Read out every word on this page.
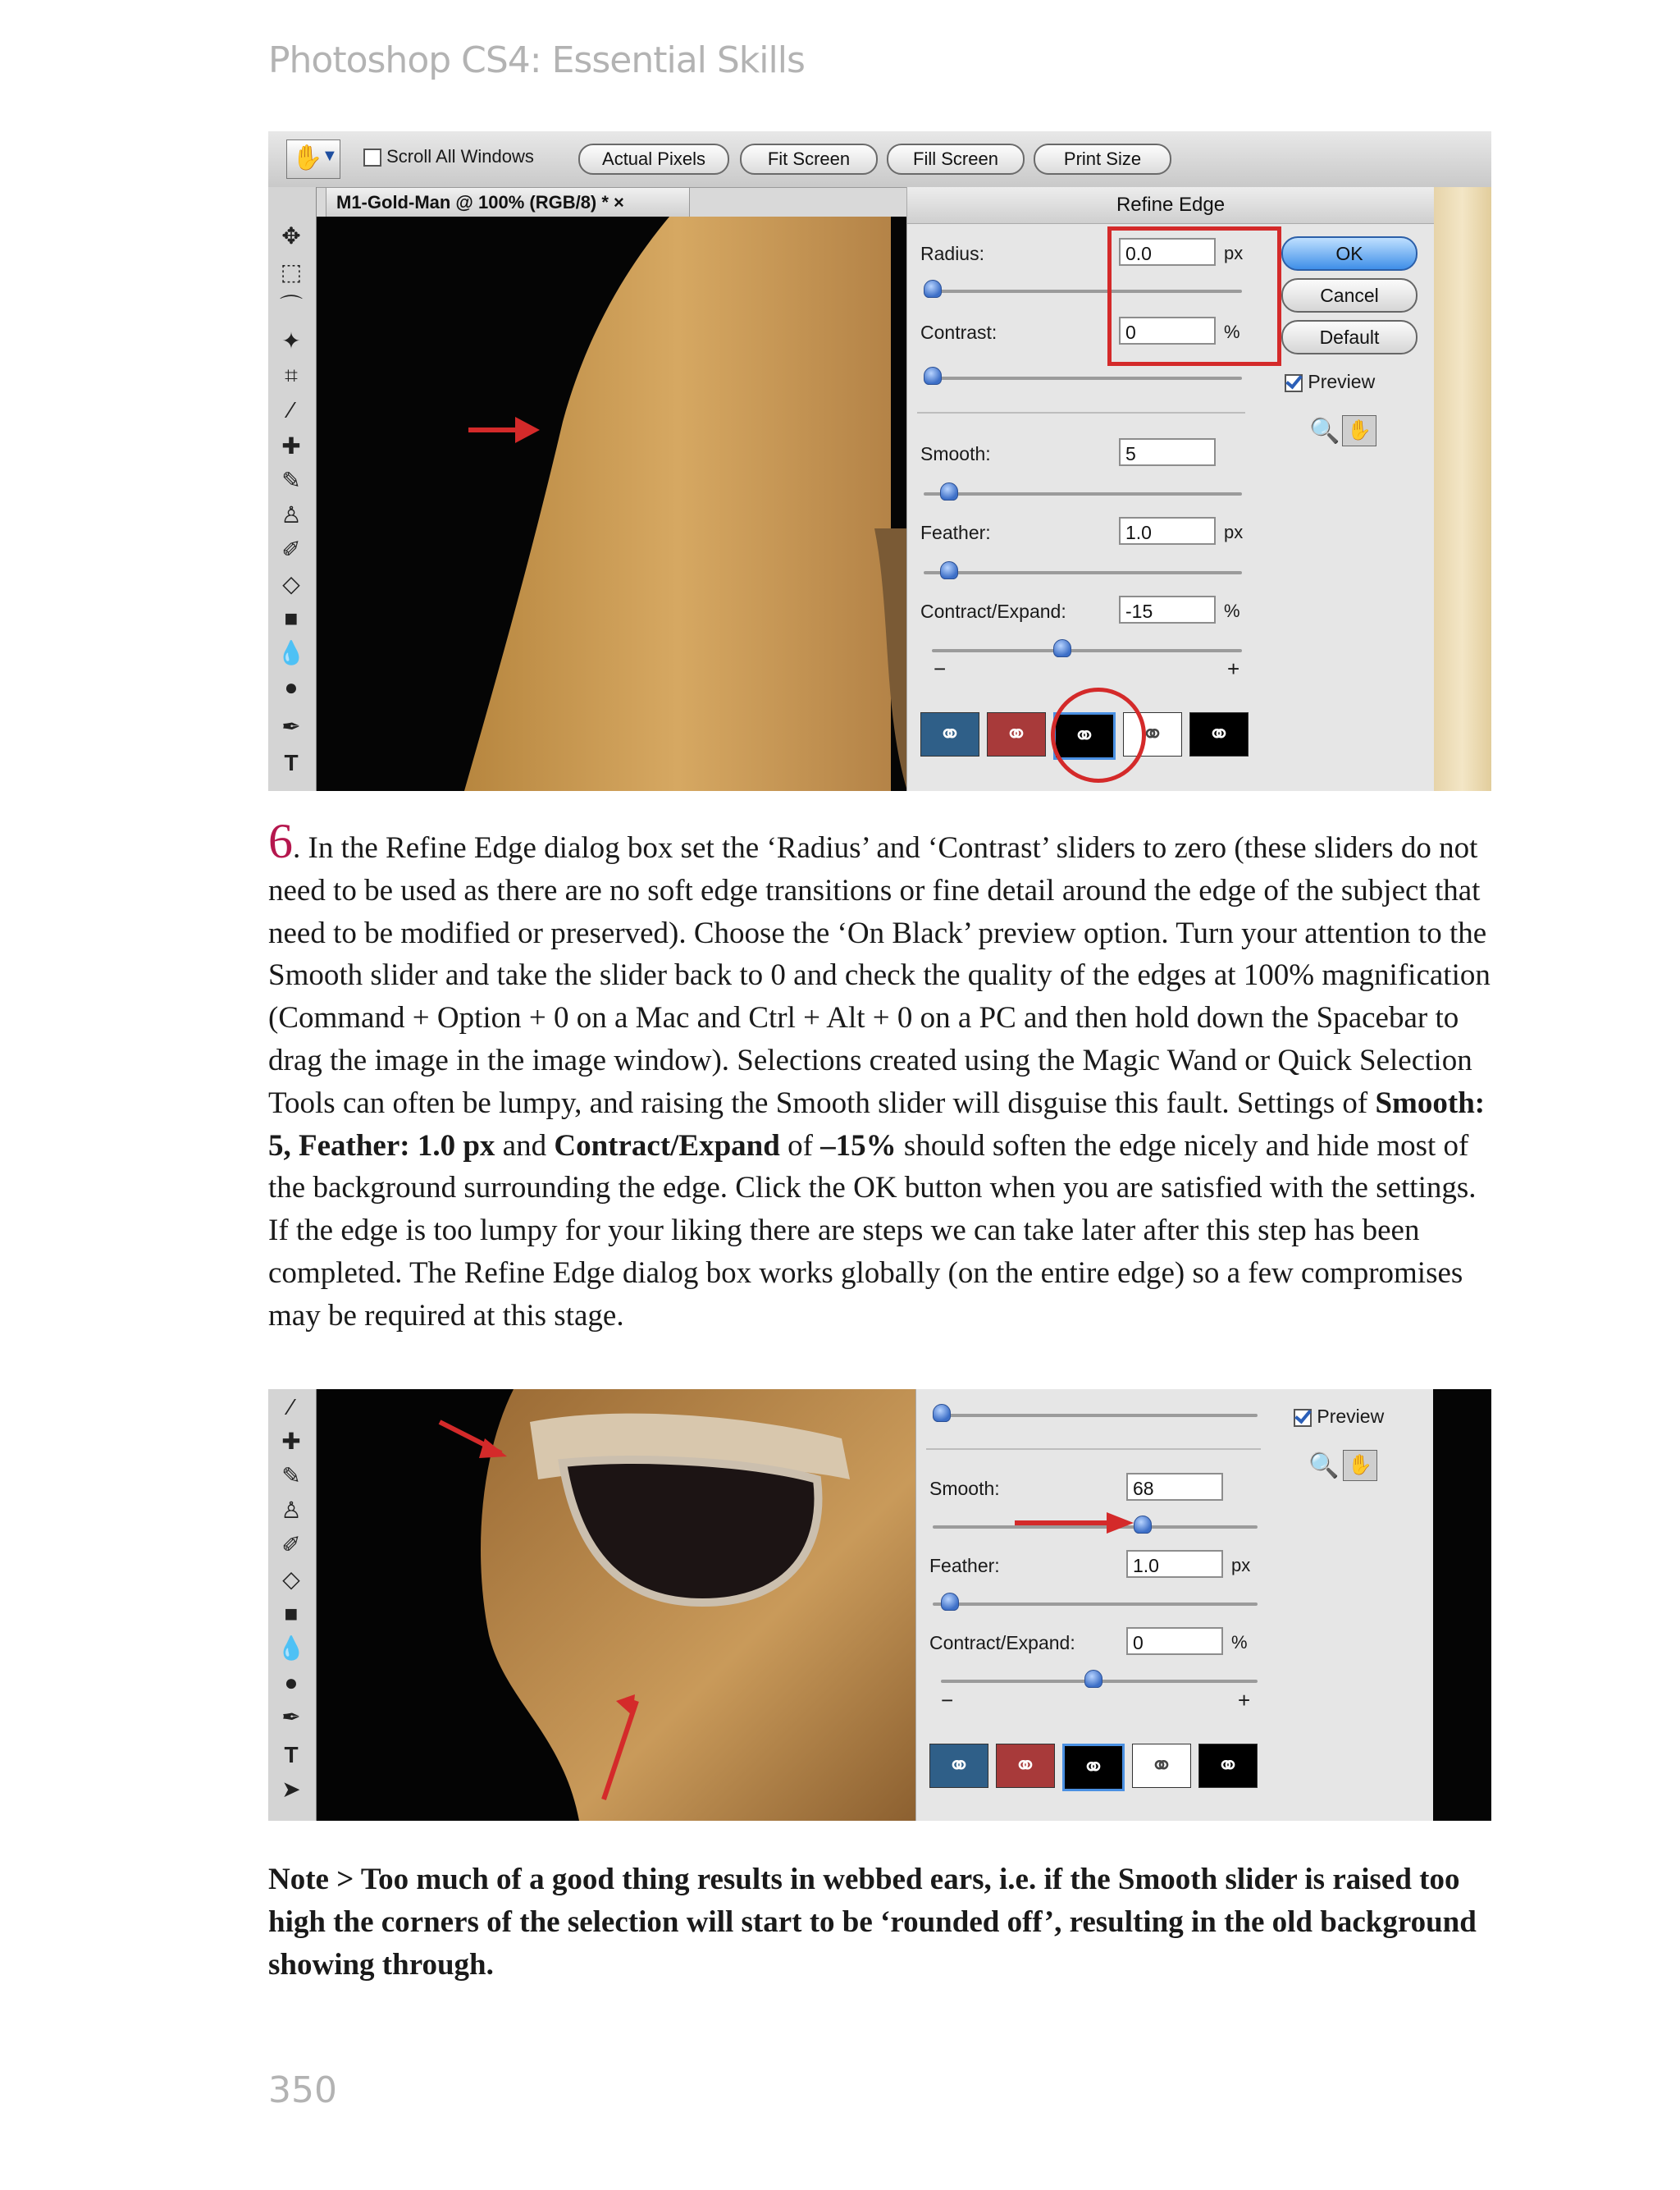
Photoshop CS4: Essential Skills
✋
▼	Scroll All Windows	Actual Pixels	Fit Screen	Fill Screen	Print Size
✥
⬚
⌒
✦
⌗
⁄
✚
✎
♙
✐
◇
■
💧
●
✒
T
M1-Gold-Man @ 100% (RGB/8) * ×	Refine Edge
Radius:	0.0	px
Contrast:	0	%
Smooth:	5
Feather:	1.0	px
Contract/Expand:	-15	%
−	+
⚭	⚭	⚭	⚭	⚭
OK
Cancel
Default
Preview
🔍 ✋

6. In the Refine Edge dialog box set the ‘Radius’ and ‘Contrast’ sliders to zero (these sliders do not need to be used as there are no soft edge transitions or fine detail around the edge of the subject that need to be modified or preserved). Choose the ‘On Black’ preview option. Turn your attention to the Smooth slider and take the slider back to 0 and check the quality of the edges at 100% magnification (Command + Option + 0 on a Mac and Ctrl + Alt + 0 on a PC and then hold down the Spacebar to drag the image in the image window). Selections created using the Magic Wand or Quick Selection Tools can often be lumpy, and raising the Smooth slider will disguise this fault. Settings of Smooth: 5, Feather: 1.0 px and Contract/Expand of –15% should soften the edge nicely and hide most of the background surrounding the edge. Click the OK button when you are satisfied with the settings. If the edge is too lumpy for your liking there are steps we can take later after this step has been completed. The Refine Edge dialog box works globally (on the entire edge) so a few compromises may be required at this stage.

⁄
✚
✎
♙
✐
◇
■
💧
●
✒
T
➤
Smooth:	68
Feather:	1.0	px
Contract/Expand:	0	%
−	+
⚭	⚭	⚭	⚭	⚭
Preview
🔍 ✋
Note > Too much of a good thing results in webbed ears, i.e. if the Smooth slider is raised too high the corners of the selection will start to be ‘rounded off’, resulting in the old background showing through.
350
